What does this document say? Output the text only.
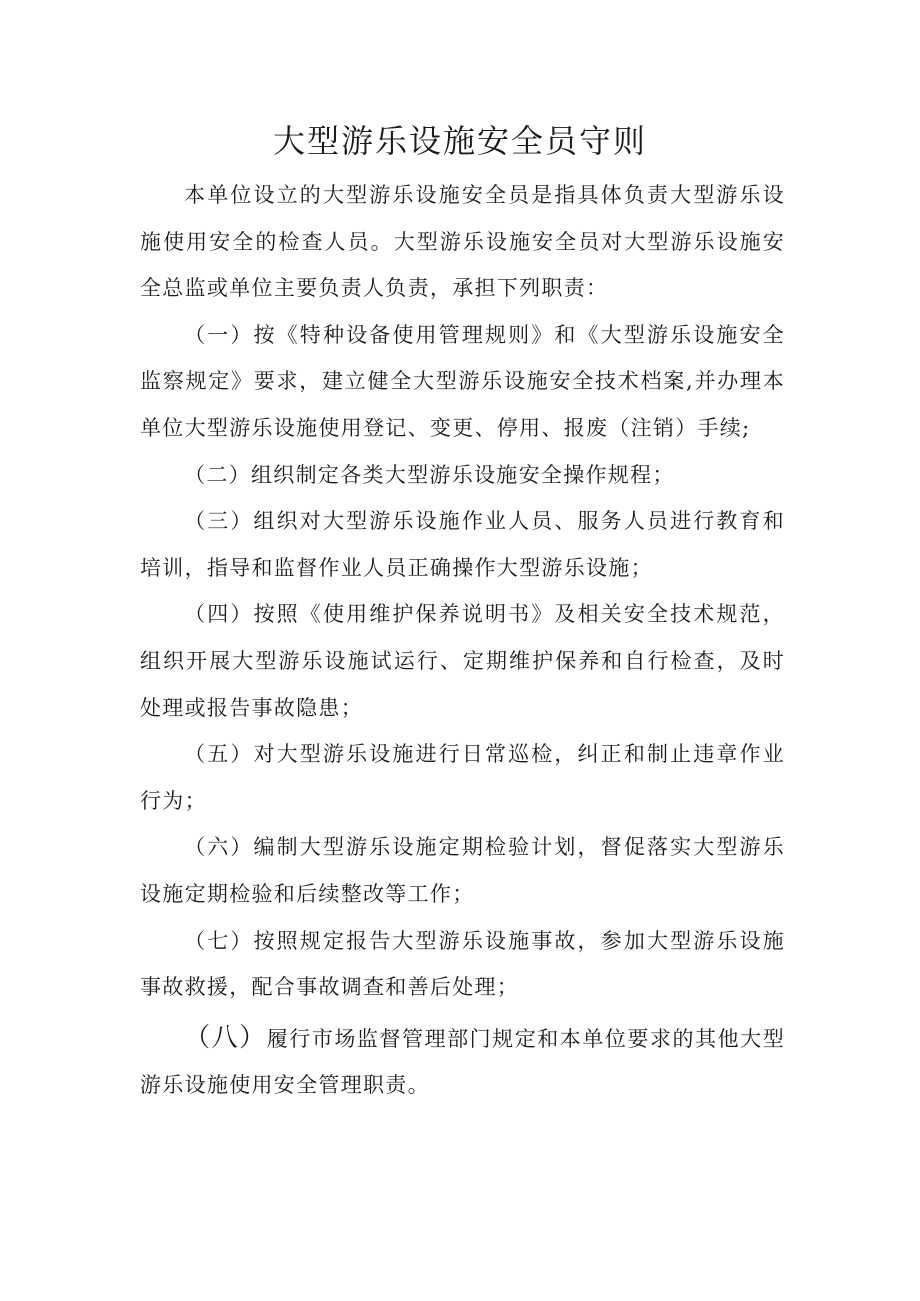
大型游乐设施安全员守则

本单位设立的大型游乐设施安全员是指具体负责大型游乐设施使用安全的检查人员。大型游乐设施安全员对大型游乐设施安全总监或单位主要负责人负责，承担下列职责：

（一）按《特种设备使用管理规则》和《大型游乐设施安全监察规定》要求，建立健全大型游乐设施安全技术档案,并办理本单位大型游乐设施使用登记、变更、停用、报废（注销）手续;

（二）组织制定各类大型游乐设施安全操作规程；

（三）组织对大型游乐设施作业人员、服务人员进行教育和培训，指导和监督作业人员正确操作大型游乐设施；

（四）按照《使用维护保养说明书》及相关安全技术规范，组织开展大型游乐设施试运行、定期维护保养和自行检查，及时处理或报告事故隐患；

（五）对大型游乐设施进行日常巡检，纠正和制止违章作业行为；

（六）编制大型游乐设施定期检验计划，督促落实大型游乐设施定期检验和后续整改等工作；

（七）按照规定报告大型游乐设施事故，参加大型游乐设施事故救援，配合事故调查和善后处理；

（八）履行市场监督管理部门规定和本单位要求的其他大型游乐设施使用安全管理职责。
